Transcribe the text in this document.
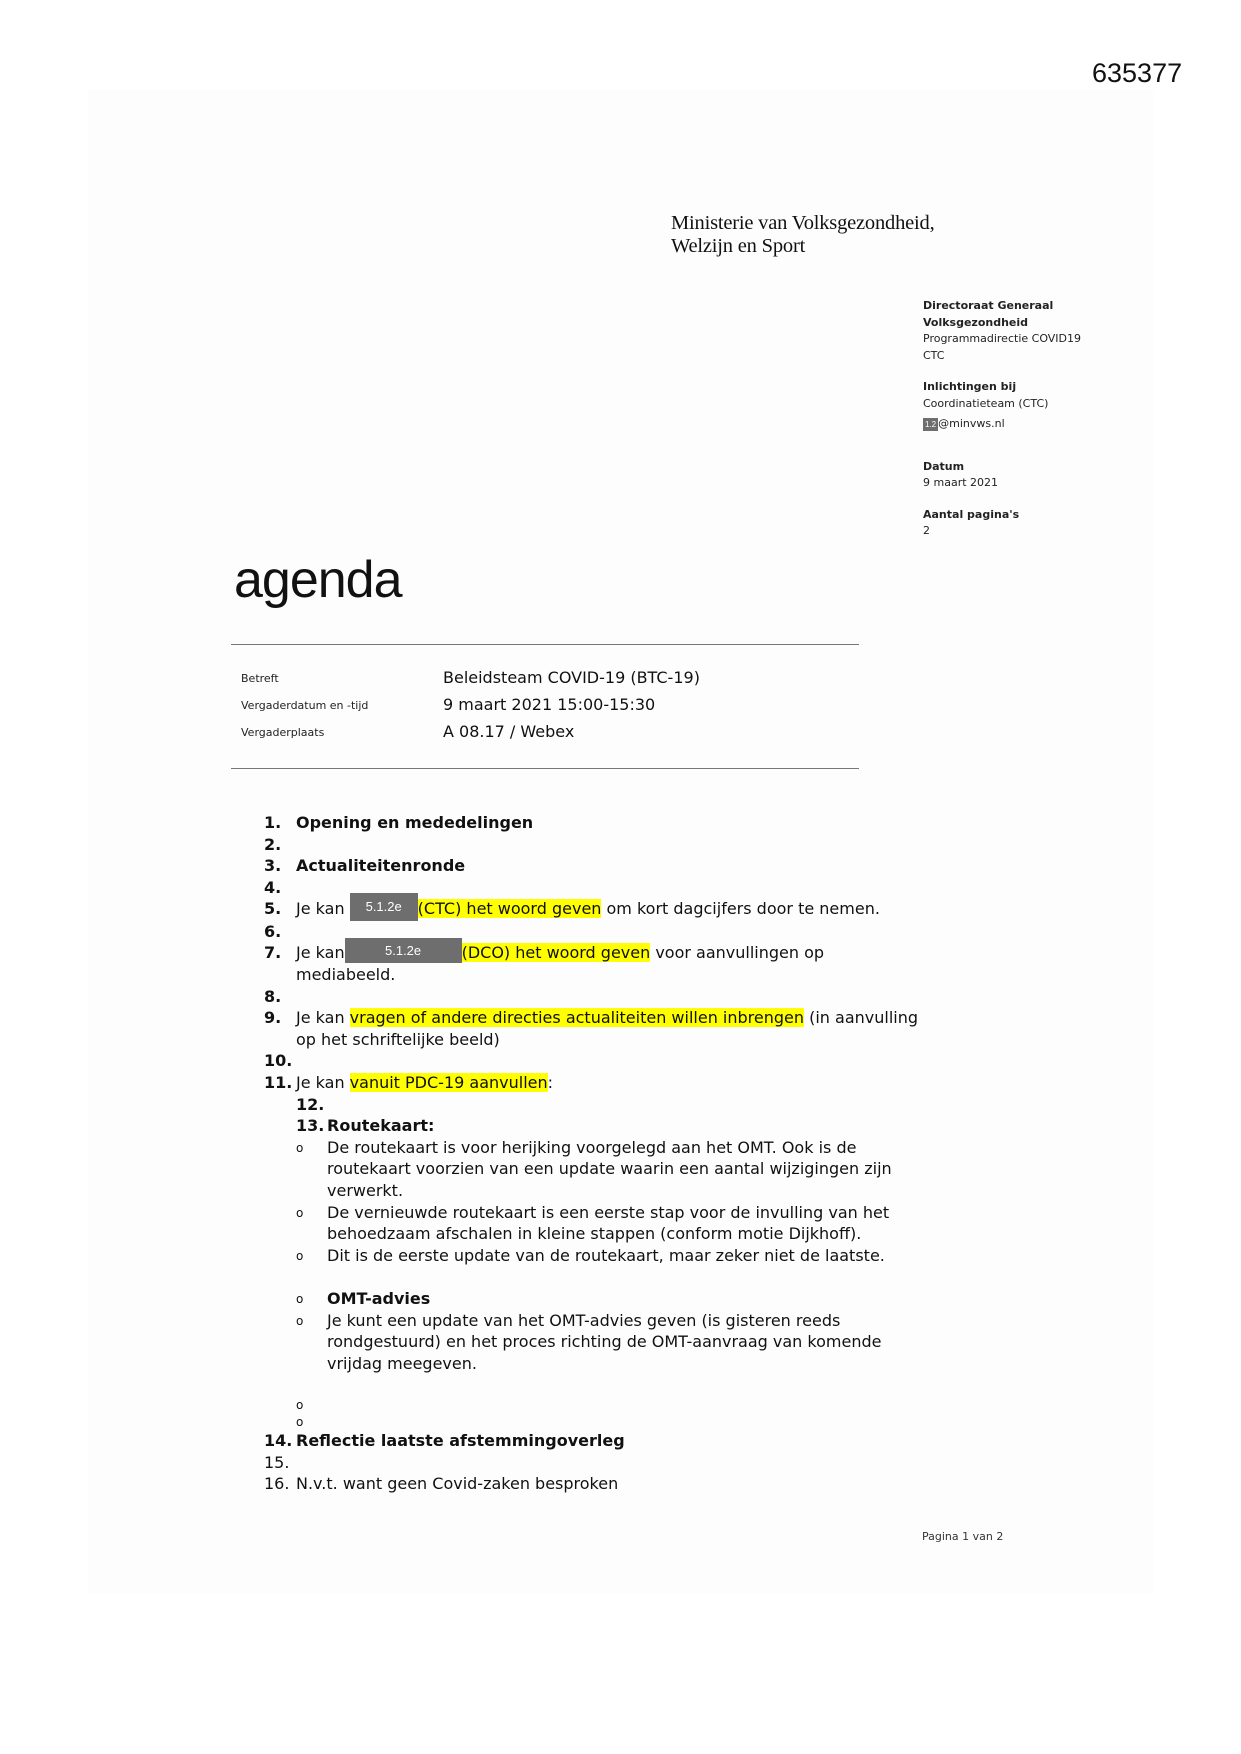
635377
Ministerie van Volksgezondheid,
Welzijn en Sport
Directoraat Generaal
Volksgezondheid
Programmadirectie COVID19
CTC
Inlichtingen bij
Coordinatieteam (CTC)
1.2 @minvws.nl
Datum
9 maart 2021
Aantal pagina's
2
agenda
Betreft	Beleidsteam COVID-19 (BTC-19)
Vergaderdatum en -tijd	9 maart 2021 15:00-15:30
Vergaderplaats	A 08.17 / Webex
1. Opening en mededelingen
2.

3. Actualiteitenronde
4.

5. Je kan 5.1.2e (CTC) het woord geven om kort dagcijfers door te nemen.
6.

7. Je kan	5.1.2e	(DCO) het woord geven voor aanvullingen op mediabeeld.
8.

9. Je kan vragen of andere directies actualiteiten willen inbrengen (in aanvulling op het schriftelijke beeld)
10.

11. Je kan vanuit PDC-19 aanvullen:
12.

13. Routekaart:
o De routekaart is voor herijking voorgelegd aan het OMT. Ook is de routekaart voorzien van een update waarin een aantal wijzigingen zijn verwerkt.
o De vernieuwde routekaart is een eerste stap voor de invulling van het behoedzaam afschalen in kleine stappen (conform motie Dijkhoff).
o Dit is de eerste update van de routekaart, maar zeker niet de laatste.
o OMT-advies
o Je kunt een update van het OMT-advies geven (is gisteren reeds rondgestuurd) en het proces richting de OMT-aanvraag van komende vrijdag meegeven.
o

o

14. Reflectie laatste afstemmingoverleg
15.

16. N.v.t. want geen Covid-zaken besproken
Pagina 1 van 2
